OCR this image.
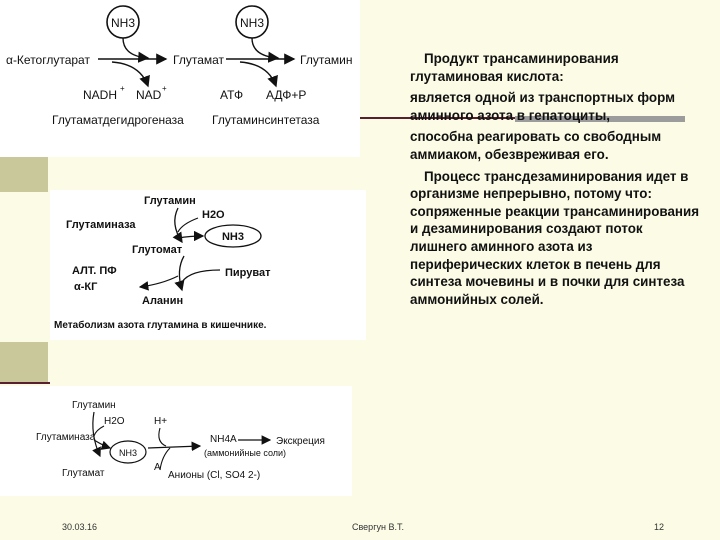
NH3	NH3
α-Кетоглутарат	Глутамат	Глутамин
NADH + NAD +	АТФ АДФ+Р
Глутаматдегидрогеназа Глутаминсинтетаза
Глутамин
H2O
Глутаминаза
NH3
Глутомат
АЛТ. ПФ	Пируват
α-КГ
Аланин
Метаболизм азота глутамина в кишечнике.
Глутамин
H2O
Глутаминаза
NH3
H+
A
NH4A
(аммонийные соли)
Экскреция
Глутамат	Анионы (Cl, SO4 2-)

Продукт трансаминирования глутаминовая кислота:

является одной из транспортных форм аминного азота в гепатоциты,

способна реагировать со свободным аммиаком, обезвреживая его.

Процесс трансдезаминирования идет в организме непрерывно, потому что: сопряженные реакции трансаминирования и дезаминирования создают поток лишнего аминного азота из периферических клеток в печень для синтеза мочевины и в почки для синтеза аммонийных солей.

30.03.16	Свергун В.Т.	12
